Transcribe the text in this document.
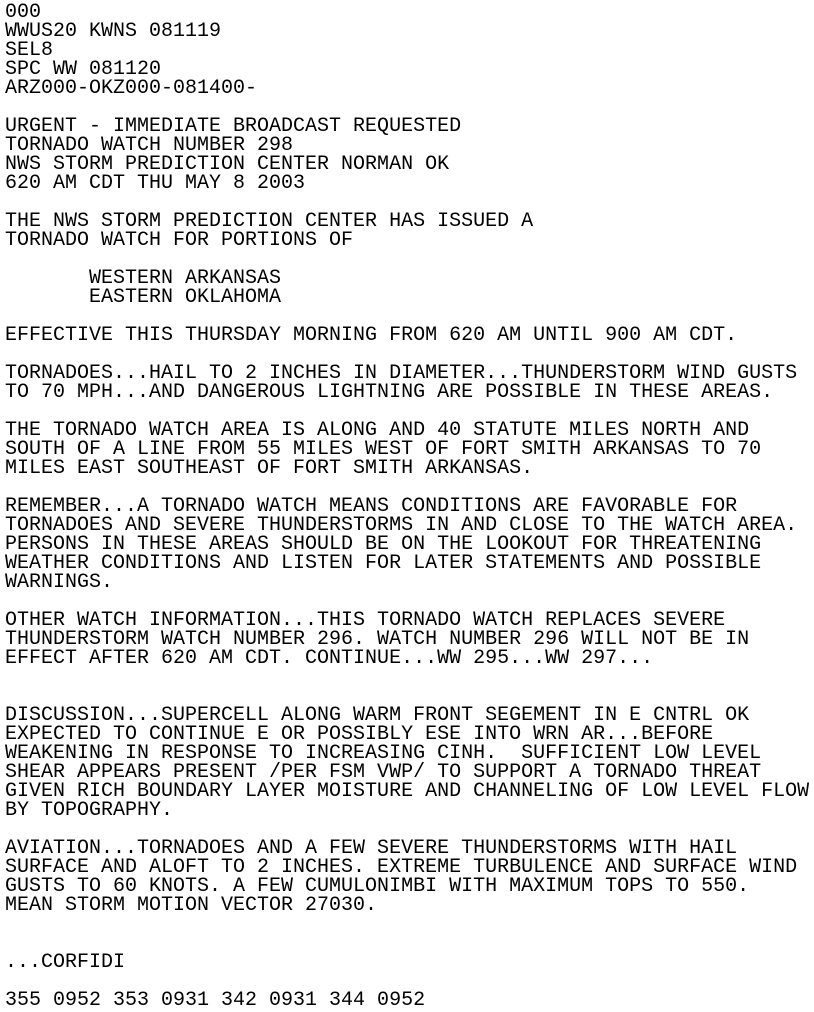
000
WWUS20 KWNS 081119
SEL8
SPC WW 081120
ARZ000-OKZ000-081400-

URGENT - IMMEDIATE BROADCAST REQUESTED
TORNADO WATCH NUMBER 298
NWS STORM PREDICTION CENTER NORMAN OK
620 AM CDT THU MAY 8 2003

THE NWS STORM PREDICTION CENTER HAS ISSUED A
TORNADO WATCH FOR PORTIONS OF

WESTERN ARKANSAS
EASTERN OKLAHOMA

EFFECTIVE THIS THURSDAY MORNING FROM 620 AM UNTIL 900 AM CDT.

TORNADOES...HAIL TO 2 INCHES IN DIAMETER...THUNDERSTORM WIND GUSTS
TO 70 MPH...AND DANGEROUS LIGHTNING ARE POSSIBLE IN THESE AREAS.

THE TORNADO WATCH AREA IS ALONG AND 40 STATUTE MILES NORTH AND
SOUTH OF A LINE FROM 55 MILES WEST OF FORT SMITH ARKANSAS TO 70
MILES EAST SOUTHEAST OF FORT SMITH ARKANSAS.

REMEMBER...A TORNADO WATCH MEANS CONDITIONS ARE FAVORABLE FOR
TORNADOES AND SEVERE THUNDERSTORMS IN AND CLOSE TO THE WATCH AREA.
PERSONS IN THESE AREAS SHOULD BE ON THE LOOKOUT FOR THREATENING
WEATHER CONDITIONS AND LISTEN FOR LATER STATEMENTS AND POSSIBLE
WARNINGS.

OTHER WATCH INFORMATION...THIS TORNADO WATCH REPLACES SEVERE
THUNDERSTORM WATCH NUMBER 296. WATCH NUMBER 296 WILL NOT BE IN
EFFECT AFTER 620 AM CDT. CONTINUE...WW 295...WW 297...

DISCUSSION...SUPERCELL ALONG WARM FRONT SEGEMENT IN E CNTRL OK
EXPECTED TO CONTINUE E OR POSSIBLY ESE INTO WRN AR...BEFORE
WEAKENING IN RESPONSE TO INCREASING CINH.  SUFFICIENT LOW LEVEL
SHEAR APPEARS PRESENT /PER FSM VWP/ TO SUPPORT A TORNADO THREAT
GIVEN RICH BOUNDARY LAYER MOISTURE AND CHANNELING OF LOW LEVEL FLOW
BY TOPOGRAPHY.

AVIATION...TORNADOES AND A FEW SEVERE THUNDERSTORMS WITH HAIL
SURFACE AND ALOFT TO 2 INCHES. EXTREME TURBULENCE AND SURFACE WIND
GUSTS TO 60 KNOTS. A FEW CUMULONIMBI WITH MAXIMUM TOPS TO 550.
MEAN STORM MOTION VECTOR 27030.

...CORFIDI

355 0952 353 0931 342 0931 344 0952
